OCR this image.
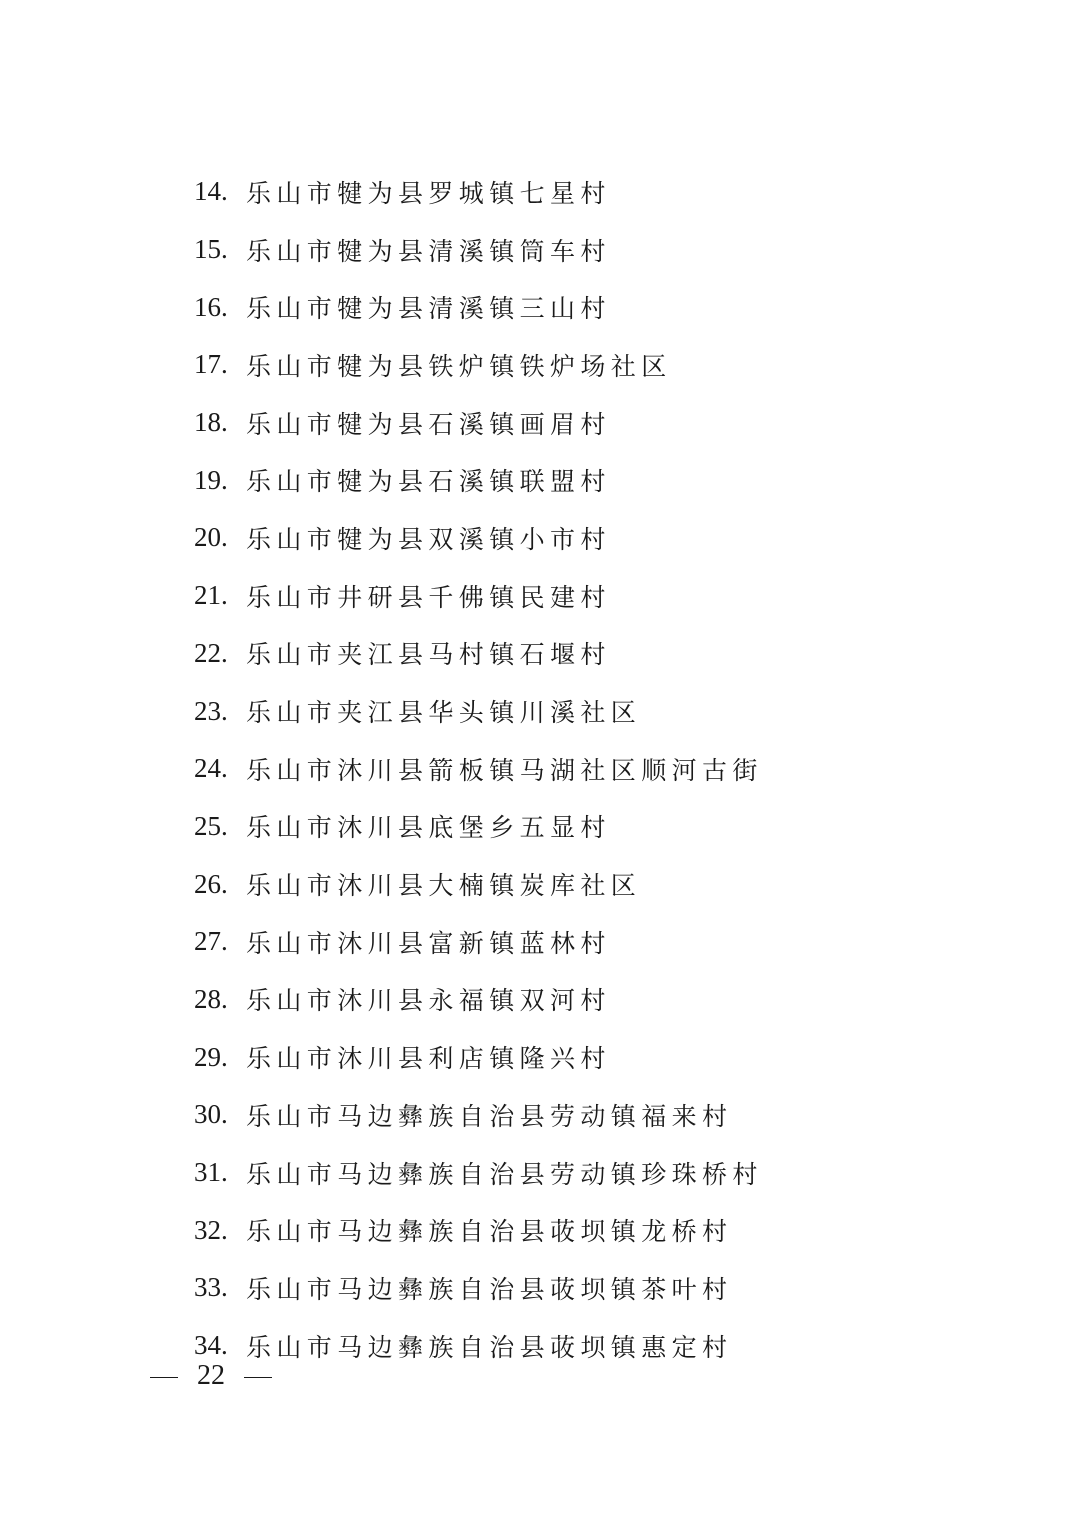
14. 乐山市犍为县罗城镇七星村
15. 乐山市犍为县清溪镇筒车村
16. 乐山市犍为县清溪镇三山村
17. 乐山市犍为县铁炉镇铁炉场社区
18. 乐山市犍为县石溪镇画眉村
19. 乐山市犍为县石溪镇联盟村
20. 乐山市犍为县双溪镇小市村
21. 乐山市井研县千佛镇民建村
22. 乐山市夹江县马村镇石堰村
23. 乐山市夹江县华头镇川溪社区
24. 乐山市沐川县箭板镇马湖社区顺河古街
25. 乐山市沐川县底堡乡五显村
26. 乐山市沐川县大楠镇炭库社区
27. 乐山市沐川县富新镇蓝林村
28. 乐山市沐川县永福镇双河村
29. 乐山市沐川县利店镇隆兴村
30. 乐山市马边彝族自治县劳动镇福来村
31. 乐山市马边彝族自治县劳动镇珍珠桥村
32. 乐山市马边彝族自治县荍坝镇龙桥村
33. 乐山市马边彝族自治县荍坝镇茶叶村
34. 乐山市马边彝族自治县荍坝镇惠定村
22
